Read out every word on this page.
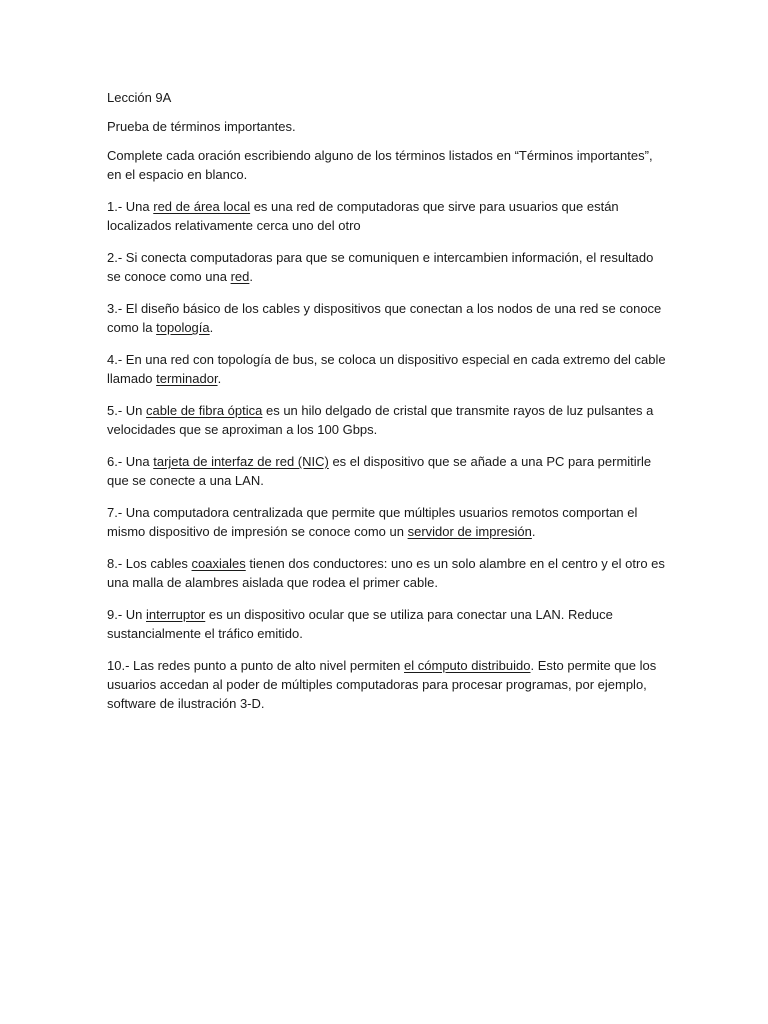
Lección 9A

Prueba de términos importantes.

Complete cada oración escribiendo alguno de los términos listados en “Términos importantes”, en el espacio en blanco.

1.- Una red de área local es una red de computadoras que sirve para usuarios que están localizados relativamente cerca uno del otro

2.- Si conecta computadoras para que se comuniquen e intercambien información, el resultado se conoce como una red.

3.- El diseño básico de los cables y dispositivos que conectan a los nodos de una red se conoce como la topología.

4.- En una red con topología de bus, se coloca un dispositivo especial en cada extremo del cable llamado terminador.

5.- Un cable de fibra óptica es un hilo delgado de cristal que transmite rayos de luz pulsantes a velocidades que se aproximan a los 100 Gbps.

6.- Una tarjeta de interfaz de red (NIC) es el dispositivo que se añade a una PC para permitirle que se conecte a una LAN.

7.- Una computadora centralizada que permite que múltiples usuarios remotos comportan el mismo dispositivo de impresión se conoce como un servidor de impresión.

8.- Los cables coaxiales tienen dos conductores: uno es un solo alambre en el centro y el otro es una malla de alambres aislada que rodea el primer cable.

9.- Un interruptor es un dispositivo ocular que se utiliza para conectar una LAN. Reduce sustancialmente el tráfico emitido.

10.- Las redes punto a punto de alto nivel permiten el cómputo distribuido. Esto permite que los usuarios accedan al poder de múltiples computadoras para procesar programas, por ejemplo, software de ilustración 3-D.
